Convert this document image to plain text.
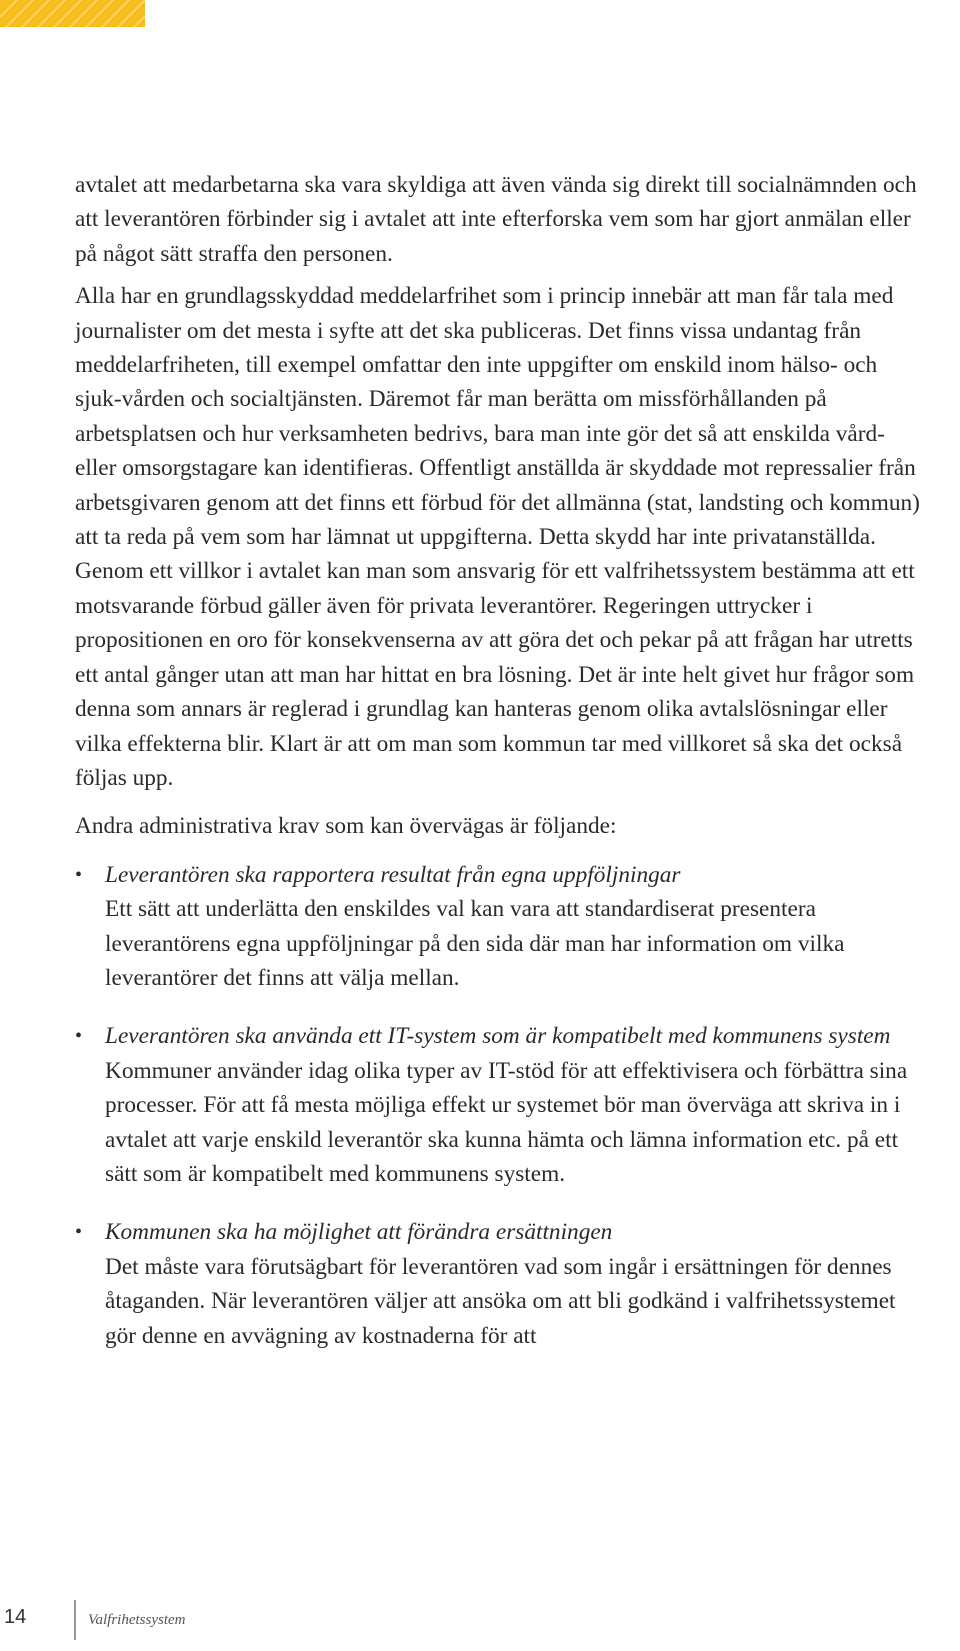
avtalet att medarbetarna ska vara skyldiga att även vända sig direkt till socialnämnden och att leverantören förbinder sig i avtalet att inte efterforska vem som har gjort anmälan eller på något sätt straffa den personen.

Alla har en grundlagsskyddad meddelarfrihet som i princip innebär att man får tala med journalister om det mesta i syfte att det ska publiceras. Det finns vissa undantag från meddelarfriheten, till exempel omfattar den inte uppgifter om enskild inom hälso- och sjuk-vården och socialtjänsten. Däremot får man berätta om missförhållanden på arbetsplatsen och hur verksamheten bedrivs, bara man inte gör det så att enskilda vård- eller omsorgstagare kan identifieras. Offentligt anställda är skyddade mot repressalier från arbetsgivaren genom att det finns ett förbud för det allmänna (stat, landsting och kommun) att ta reda på vem som har lämnat ut uppgifterna. Detta skydd har inte privatanställda. Genom ett villkor i avtalet kan man som ansvarig för ett valfrihetssystem bestämma att ett motsvarande förbud gäller även för privata leverantörer. Regeringen uttrycker i propositionen en oro för konsekvenserna av att göra det och pekar på att frågan har utretts ett antal gånger utan att man har hittat en bra lösning. Det är inte helt givet hur frågor som denna som annars är reglerad i grundlag kan hanteras genom olika avtalslösningar eller vilka effekterna blir. Klart är att om man som kommun tar med villkoret så ska det också följas upp.

Andra administrativa krav som kan övervägas är följande:

• Leverantören ska rapportera resultat från egna uppföljningar
Ett sätt att underlätta den enskildes val kan vara att standardiserat presentera leverantörens egna uppföljningar på den sida där man har information om vilka leverantörer det finns att välja mellan.
• Leverantören ska använda ett IT-system som är kompatibelt med kommunens system
Kommuner använder idag olika typer av IT-stöd för att effektivisera och förbättra sina processer. För att få mesta möjliga effekt ur systemet bör man överväga att skriva in i avtalet att varje enskild leverantör ska kunna hämta och lämna information etc. på ett sätt som är kompatibelt med kommunens system.
• Kommunen ska ha möjlighet att förändra ersättningen
Det måste vara förutsägbart för leverantören vad som ingår i ersättningen för dennes åtaganden. När leverantören väljer att ansöka om att bli godkänd i valfrihetssystemet gör denne en avvägning av kostnaderna för att
14	Valfrihetssystem
